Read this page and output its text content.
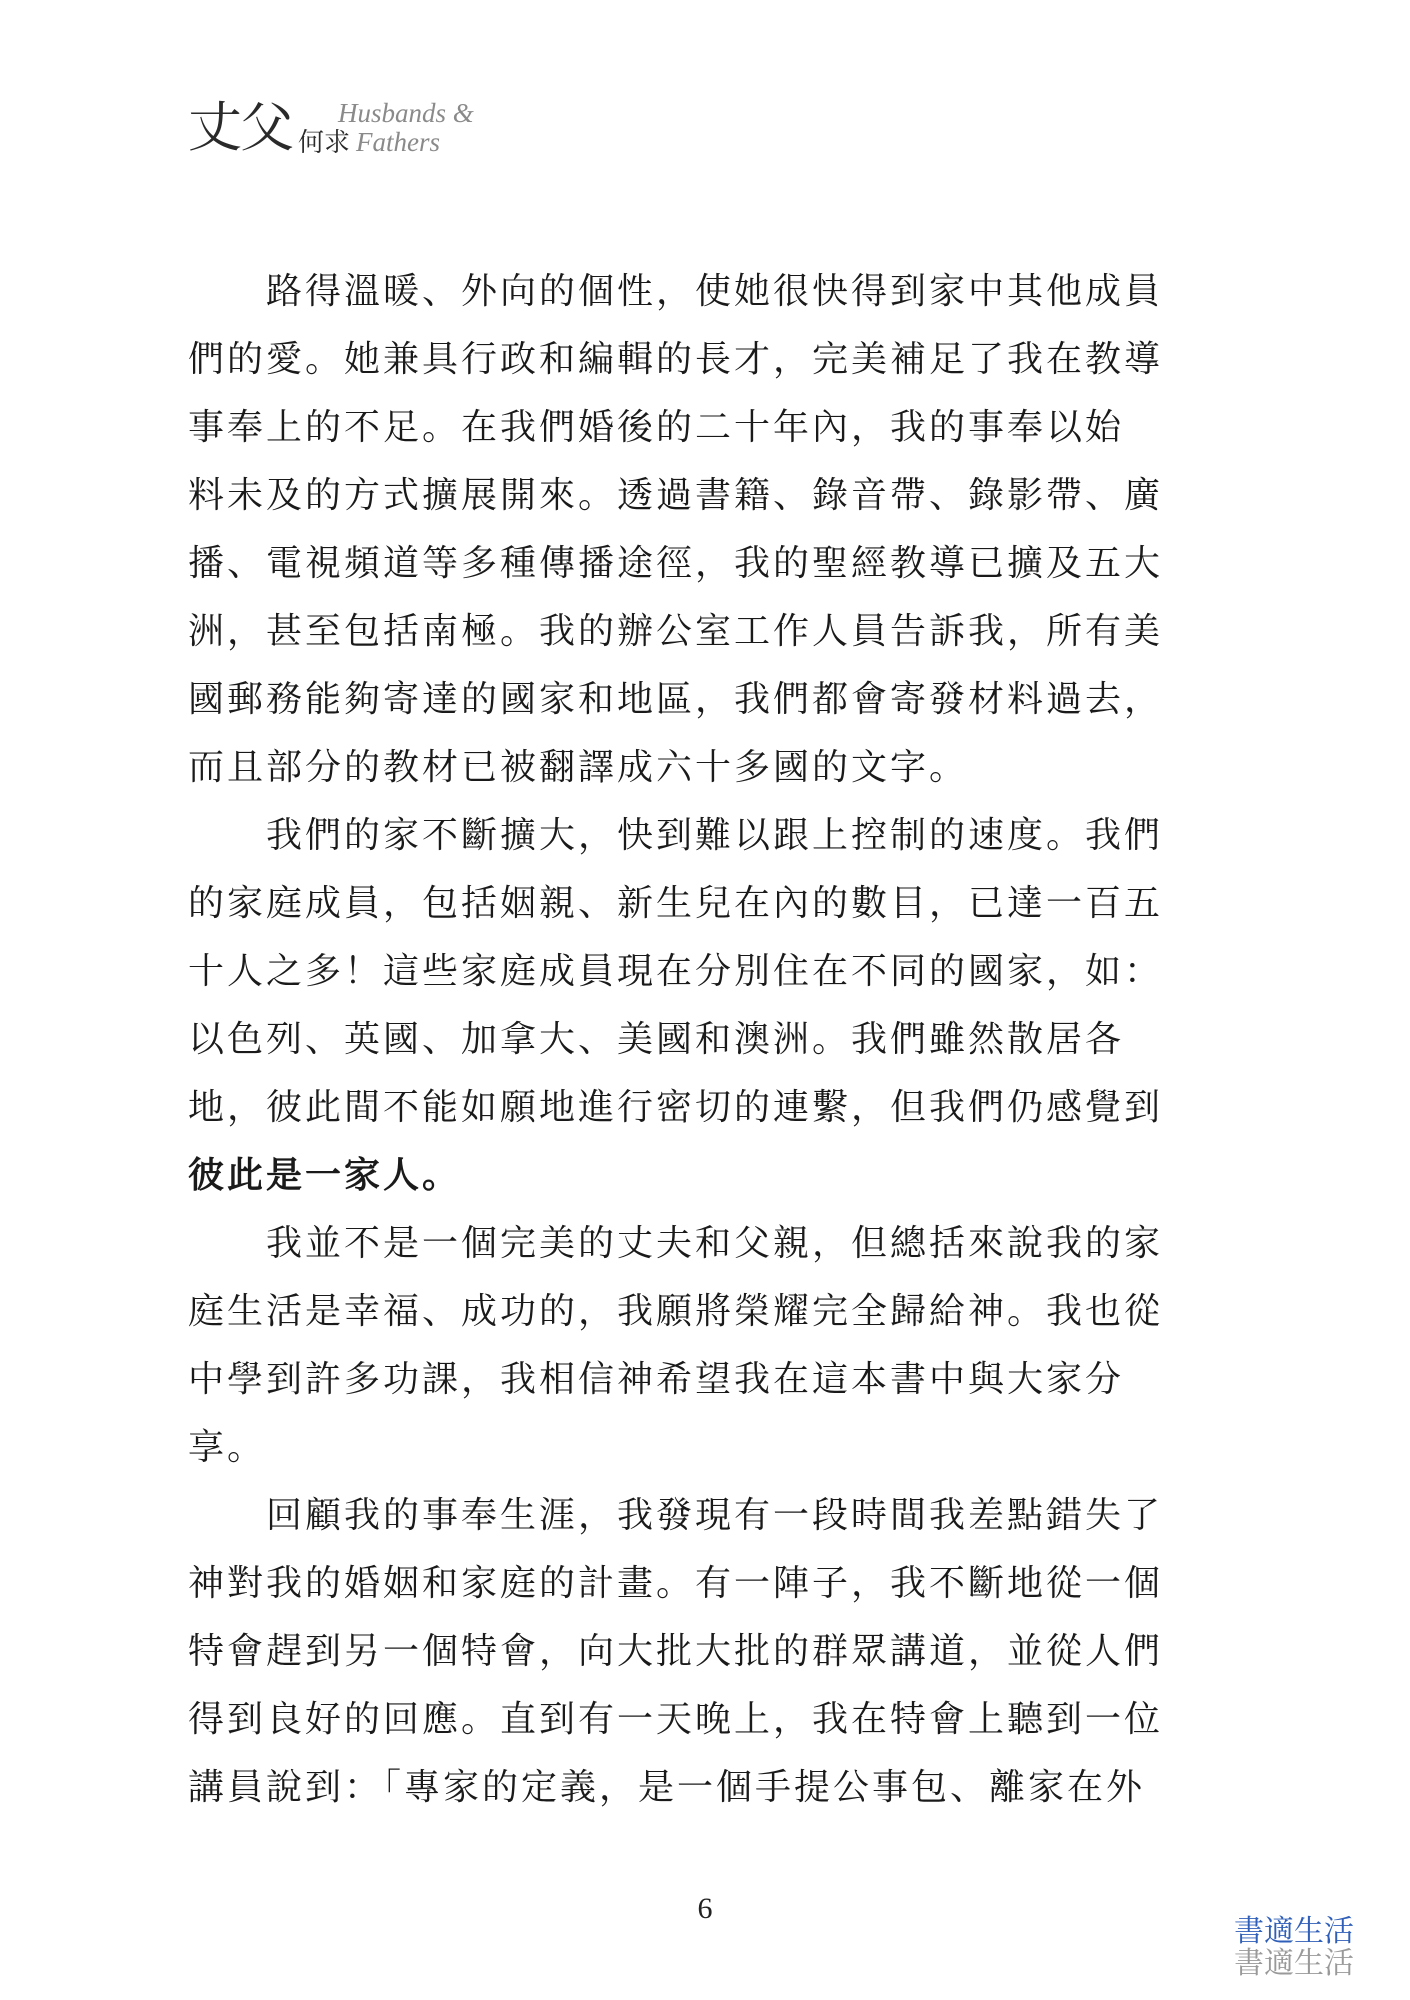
丈父 Husbands &
何求 Fathers

路得溫暖、外向的個性，使她很快得到家中其他成員

們的愛。她兼具行政和編輯的長才，完美補足了我在教導

事奉上的不足。在我們婚後的二十年內，我的事奉以始

料未及的方式擴展開來。透過書籍、錄音帶、錄影帶、廣

播、電視頻道等多種傳播途徑，我的聖經教導已擴及五大

洲，甚至包括南極。我的辦公室工作人員告訴我，所有美

國郵務能夠寄達的國家和地區，我們都會寄發材料過去，

而且部分的教材已被翻譯成六十多國的文字。

我們的家不斷擴大，快到難以跟上控制的速度。我們

的家庭成員，包括姻親、新生兒在內的數目，已達一百五

十人之多！這些家庭成員現在分別住在不同的國家，如：

以色列、英國、加拿大、美國和澳洲。我們雖然散居各

地，彼此間不能如願地進行密切的連繫，但我們仍感覺到

彼此是一家人。

我並不是一個完美的丈夫和父親，但總括來說我的家

庭生活是幸福、成功的，我願將榮耀完全歸給神。我也從

中學到許多功課，我相信神希望我在這本書中與大家分

享。

回顧我的事奉生涯，我發現有一段時間我差點錯失了

神對我的婚姻和家庭的計畫。有一陣子，我不斷地從一個

特會趕到另一個特會，向大批大批的群眾講道，並從人們

得到良好的回應。直到有一天晚上，我在特會上聽到一位

講員說到：「專家的定義，是一個手提公事包、離家在外

6
書適生活
書適生活
